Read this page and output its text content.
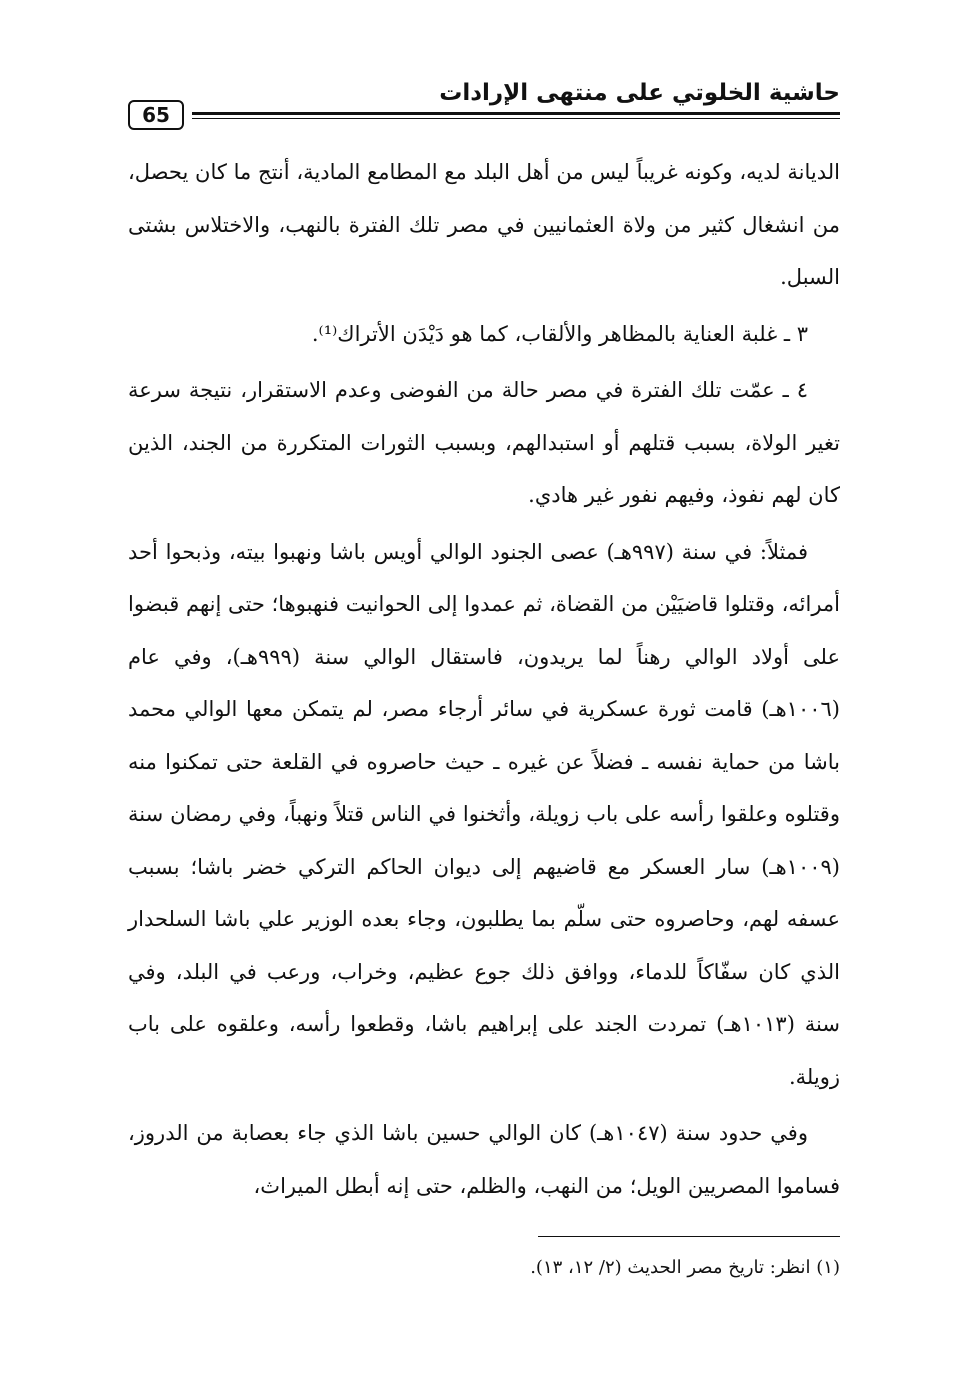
حاشية الخلوتي على منتهى الإرادات
65

الديانة لديه، وكونه غريباً ليس من أهل البلد مع المطامع المادية، أنتج ما كان يحصل، من انشغال كثير من ولاة العثمانيين في مصر تلك الفترة بالنهب، والاختلاس بشتى السبل.

٣ ـ غلبة العناية بالمظاهر والألقاب، كما هو دَيْدَن الأتراك⁽¹⁾.

٤ ـ عمّت تلك الفترة في مصر حالة من الفوضى وعدم الاستقرار، نتيجة سرعة تغير الولاة، بسبب قتلهم أو استبدالهم، وبسبب الثورات المتكررة من الجند، الذين كان لهم نفوذ، وفيهم نفور غير هادي.

فمثلاً: في سنة (٩٩٧هـ) عصى الجنود الوالي أويس باشا ونهبوا بيته، وذبحوا أحد أمرائه، وقتلوا قاضيَيْن من القضاة، ثم عمدوا إلى الحوانيت فنهبوها؛ حتى إنهم قبضوا على أولاد الوالي رهناً لما يريدون، فاستقال الوالي سنة (٩٩٩هـ)، وفي عام (١٠٠٦هـ) قامت ثورة عسكرية في سائر أرجاء مصر، لم يتمكن معها الوالي محمد باشا من حماية نفسه ـ فضلاً عن غيره ـ حيث حاصروه في القلعة حتى تمكنوا منه وقتلوه وعلقوا رأسه على باب زويلة، وأثخنوا في الناس قتلاً ونهباً، وفي رمضان سنة (١٠٠٩هـ) سار العسكر مع قاضيهم إلى ديوان الحاكم التركي خضر باشا؛ بسبب عسفه لهم، وحاصروه حتى سلّم بما يطلبون، وجاء بعده الوزير علي باشا السلحدار الذي كان سفّاكاً للدماء، ووافق ذلك جوع عظيم، وخراب، ورعب في البلد، وفي سنة (١٠١٣هـ) تمردت الجند على إبراهيم باشا، وقطعوا رأسه، وعلقوه على باب زويلة.

وفي حدود سنة (١٠٤٧هـ) كان الوالي حسين باشا الذي جاء بعصابة من الدروز، فساموا المصريين الويل؛ من النهب، والظلم، حتى إنه أبطل الميراث،

(١) انظر: تاريخ مصر الحديث (٢/ ١٢، ١٣).
